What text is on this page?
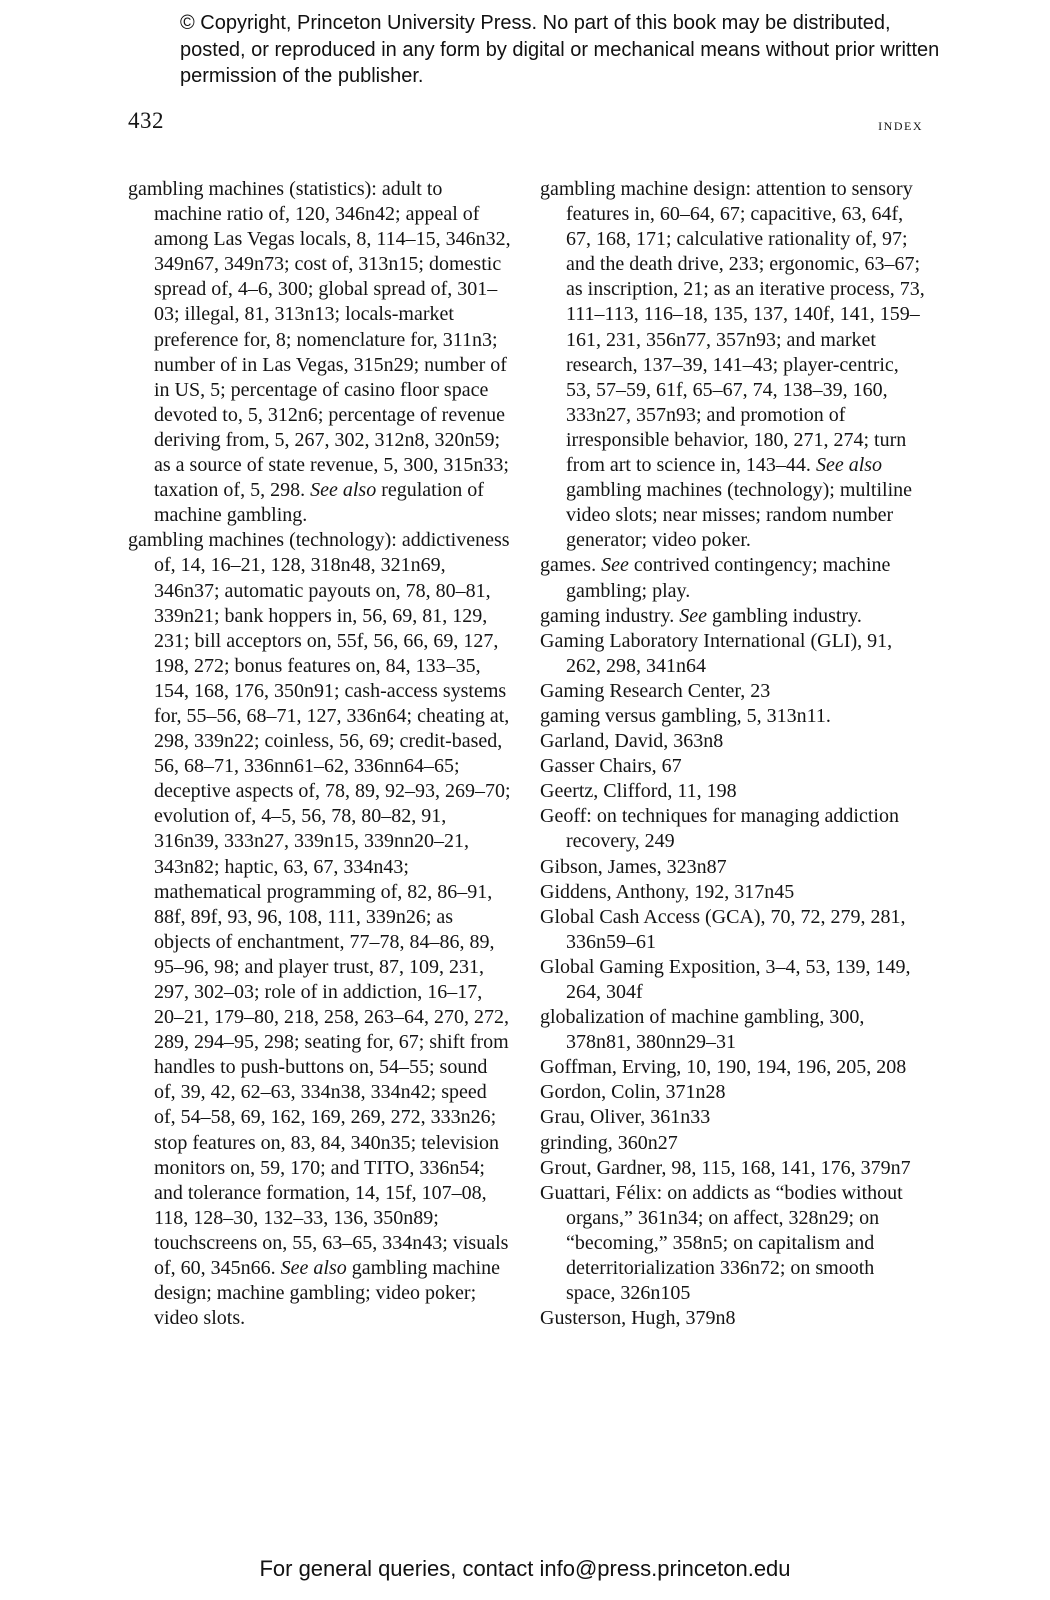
© Copyright, Princeton University Press. No part of this book may be distributed, posted, or reproduced in any form by digital or mechanical means without prior written permission of the publisher.
432	index
gambling machines (statistics): adult to machine ratio of, 120, 346n42; appeal of among Las Vegas locals, 8, 114–15, 346n32, 349n67, 349n73; cost of, 313n15; domestic spread of, 4–6, 300; global spread of, 301–03; illegal, 81, 313n13; locals-market preference for, 8; nomenclature for, 311n3; number of in Las Vegas, 315n29; number of in US, 5; percentage of casino floor space devoted to, 5, 312n6; percentage of revenue deriving from, 5, 267, 302, 312n8, 320n59; as a source of state revenue, 5, 300, 315n33; taxation of, 5, 298. See also regulation of machine gambling.
gambling machines (technology): addictiveness of, 14, 16–21, 128, 318n48, 321n69, 346n37; automatic payouts on, 78, 80–81, 339n21; bank hoppers in, 56, 69, 81, 129, 231; bill acceptors on, 55f, 56, 66, 69, 127, 198, 272; bonus features on, 84, 133–35, 154, 168, 176, 350n91; cash-access systems for, 55–56, 68–71, 127, 336n64; cheating at, 298, 339n22; coinless, 56, 69; credit-based, 56, 68–71, 336nn61–62, 336nn64–65; deceptive aspects of, 78, 89, 92–93, 269–70; evolution of, 4–5, 56, 78, 80–82, 91, 316n39, 333n27, 339n15, 339nn20–21, 343n82; haptic, 63, 67, 334n43; mathematical programming of, 82, 86–91, 88f, 89f, 93, 96, 108, 111, 339n26; as objects of enchantment, 77–78, 84–86, 89, 95–96, 98; and player trust, 87, 109, 231, 297, 302–03; role of in addiction, 16–17, 20–21, 179–80, 218, 258, 263–64, 270, 272, 289, 294–95, 298; seating for, 67; shift from handles to push-buttons on, 54–55; sound of, 39, 42, 62–63, 334n38, 334n42; speed of, 54–58, 69, 162, 169, 269, 272, 333n26; stop features on, 83, 84, 340n35; television monitors on, 59, 170; and TITO, 336n54; and tolerance formation, 14, 15f, 107–08, 118, 128–30, 132–33, 136, 350n89; touchscreens on, 55, 63–65, 334n43; visuals of, 60, 345n66. See also gambling machine design; machine gambling; video poker; video slots.
gambling machine design: attention to sensory features in, 60–64, 67; capacitive, 63, 64f, 67, 168, 171; calculative rationality of, 97; and the death drive, 233; ergonomic, 63–67; as inscription, 21; as an iterative process, 73, 111–113, 116–18, 135, 137, 140f, 141, 159–161, 231, 356n77, 357n93; and market research, 137–39, 141–43; player-centric, 53, 57–59, 61f, 65–67, 74, 138–39, 160, 333n27, 357n93; and promotion of irresponsible behavior, 180, 271, 274; turn from art to science in, 143–44. See also gambling machines (technology); multiline video slots; near misses; random number generator; video poker.
games. See contrived contingency; machine gambling; play.
gaming industry. See gambling industry.
Gaming Laboratory International (GLI), 91, 262, 298, 341n64
Gaming Research Center, 23
gaming versus gambling, 5, 313n11.
Garland, David, 363n8
Gasser Chairs, 67
Geertz, Clifford, 11, 198
Geoff: on techniques for managing addiction recovery, 249
Gibson, James, 323n87
Giddens, Anthony, 192, 317n45
Global Cash Access (GCA), 70, 72, 279, 281, 336n59–61
Global Gaming Exposition, 3–4, 53, 139, 149, 264, 304f
globalization of machine gambling, 300, 378n81, 380nn29–31
Goffman, Erving, 10, 190, 194, 196, 205, 208
Gordon, Colin, 371n28
Grau, Oliver, 361n33
grinding, 360n27
Grout, Gardner, 98, 115, 168, 141, 176, 379n7
Guattari, Félix: on addicts as “bodies without organs,” 361n34; on affect, 328n29; on “becoming,” 358n5; on capitalism and deterritorialization 336n72; on smooth space, 326n105
Gusterson, Hugh, 379n8
For general queries, contact info@press.princeton.edu
